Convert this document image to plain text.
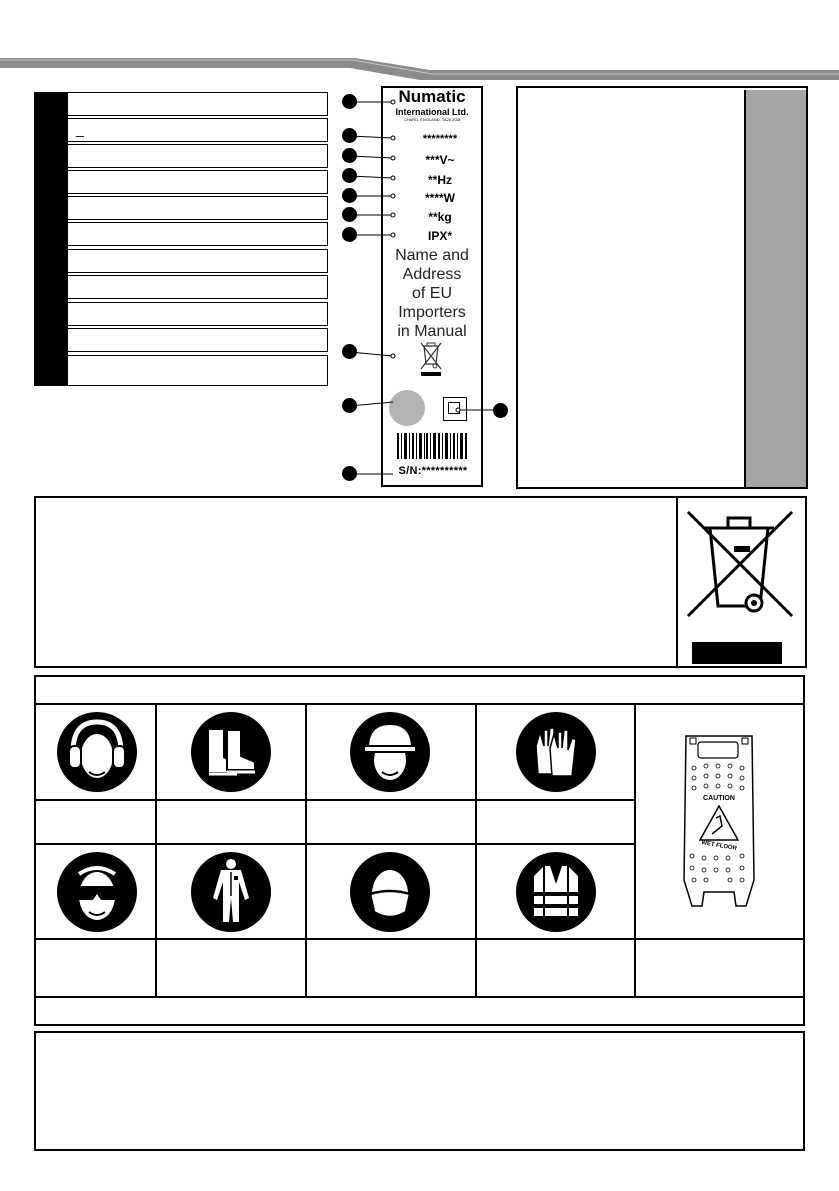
_
Numatic
International Ltd.
CHARD, ENGLAND, TA20 2GB
********
***V~
**Hz
****W
**kg
IPX*
Name and
Address
of EU
Importers
in Manual
S/N:**********
CAUTION
WET FLOOR
